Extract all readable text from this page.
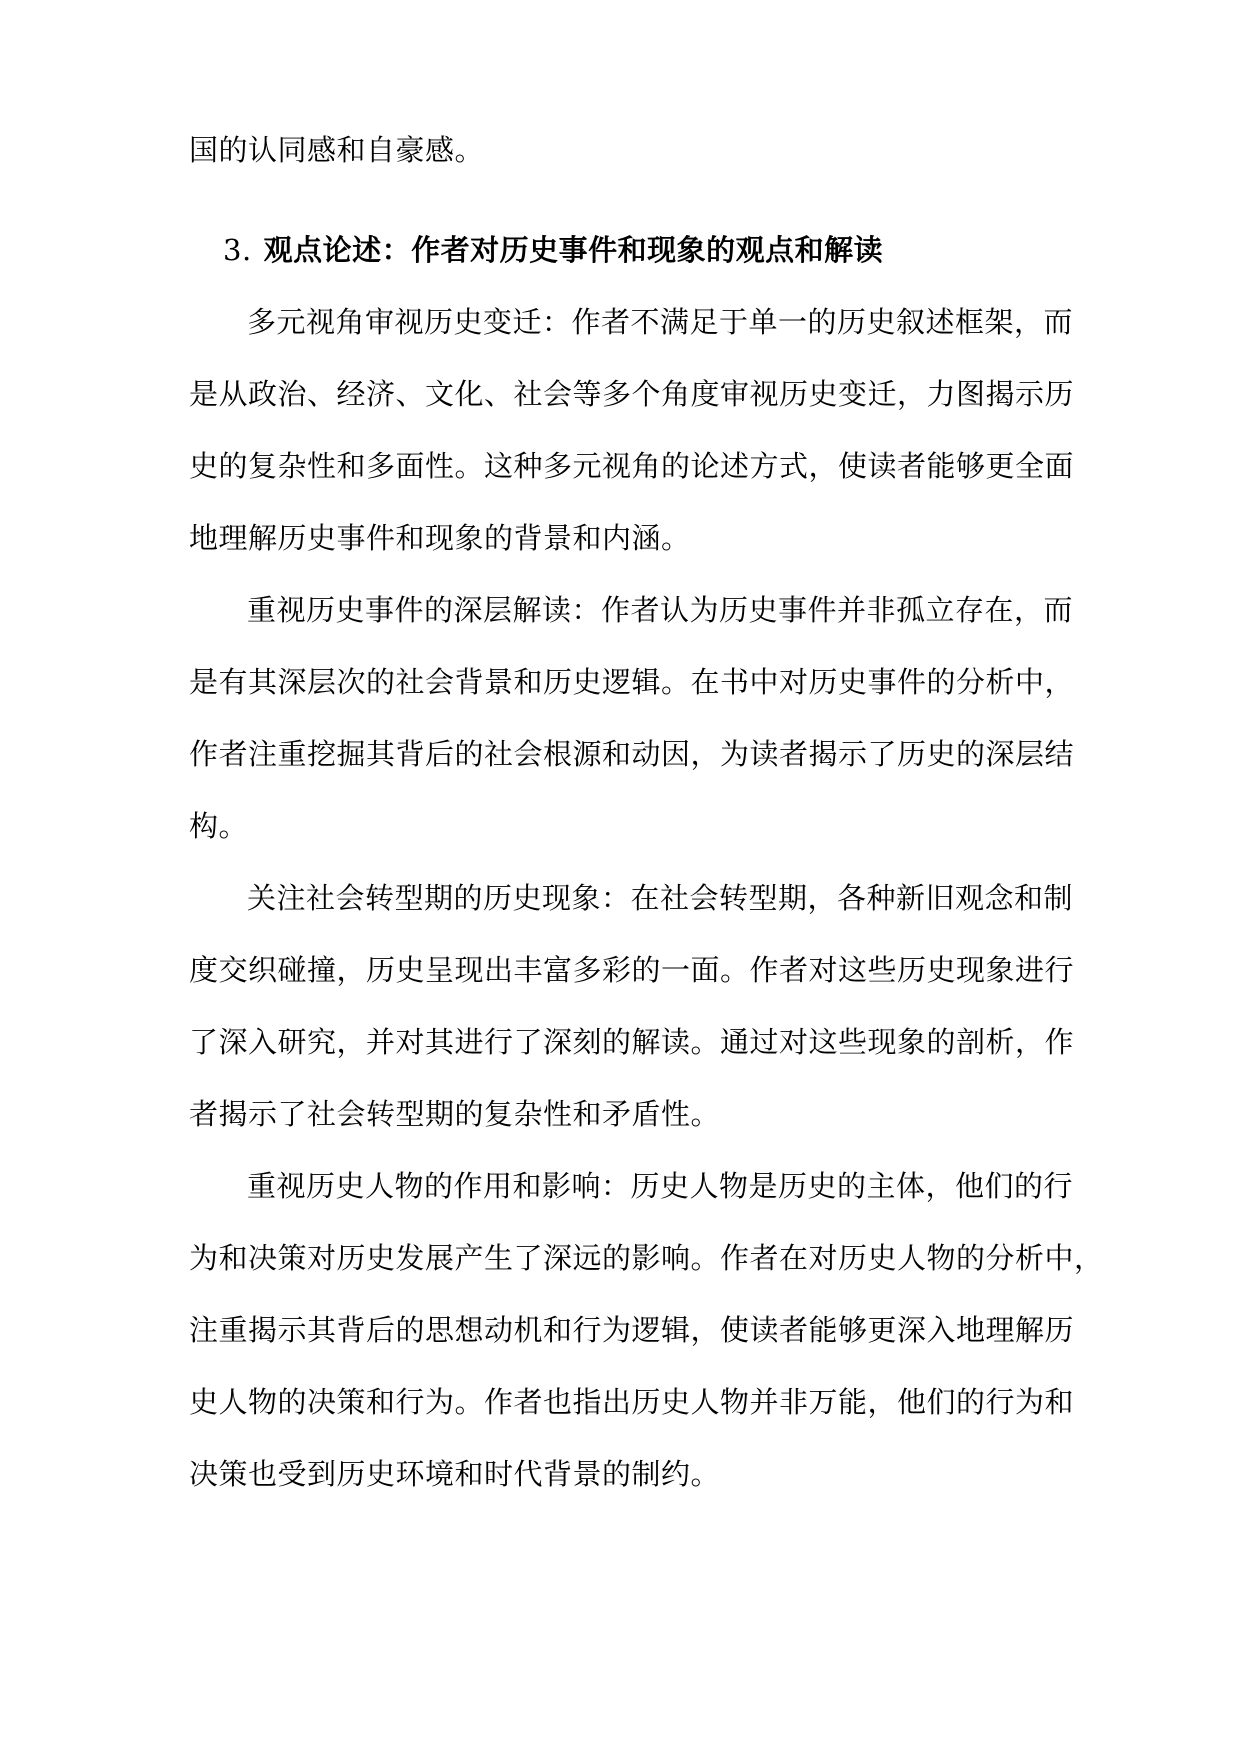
国的认同感和自豪感。
3. 观点论述：作者对历史事件和现象的观点和解读
多元视角审视历史变迁：作者不满足于单一的历史叙述框架，而
是从政治、经济、文化、社会等多个角度审视历史变迁，力图揭示历
史的复杂性和多面性。这种多元视角的论述方式，使读者能够更全面
地理解历史事件和现象的背景和内涵。
重视历史事件的深层解读：作者认为历史事件并非孤立存在，而
是有其深层次的社会背景和历史逻辑。在书中对历史事件的分析中，
作者注重挖掘其背后的社会根源和动因，为读者揭示了历史的深层结
构。
关注社会转型期的历史现象：在社会转型期，各种新旧观念和制
度交织碰撞，历史呈现出丰富多彩的一面。作者对这些历史现象进行
了深入研究，并对其进行了深刻的解读。通过对这些现象的剖析，作
者揭示了社会转型期的复杂性和矛盾性。
重视历史人物的作用和影响：历史人物是历史的主体，他们的行
为和决策对历史发展产生了深远的影响。作者在对历史人物的分析中，
注重揭示其背后的思想动机和行为逻辑，使读者能够更深入地理解历
史人物的决策和行为。作者也指出历史人物并非万能，他们的行为和
决策也受到历史环境和时代背景的制约。
